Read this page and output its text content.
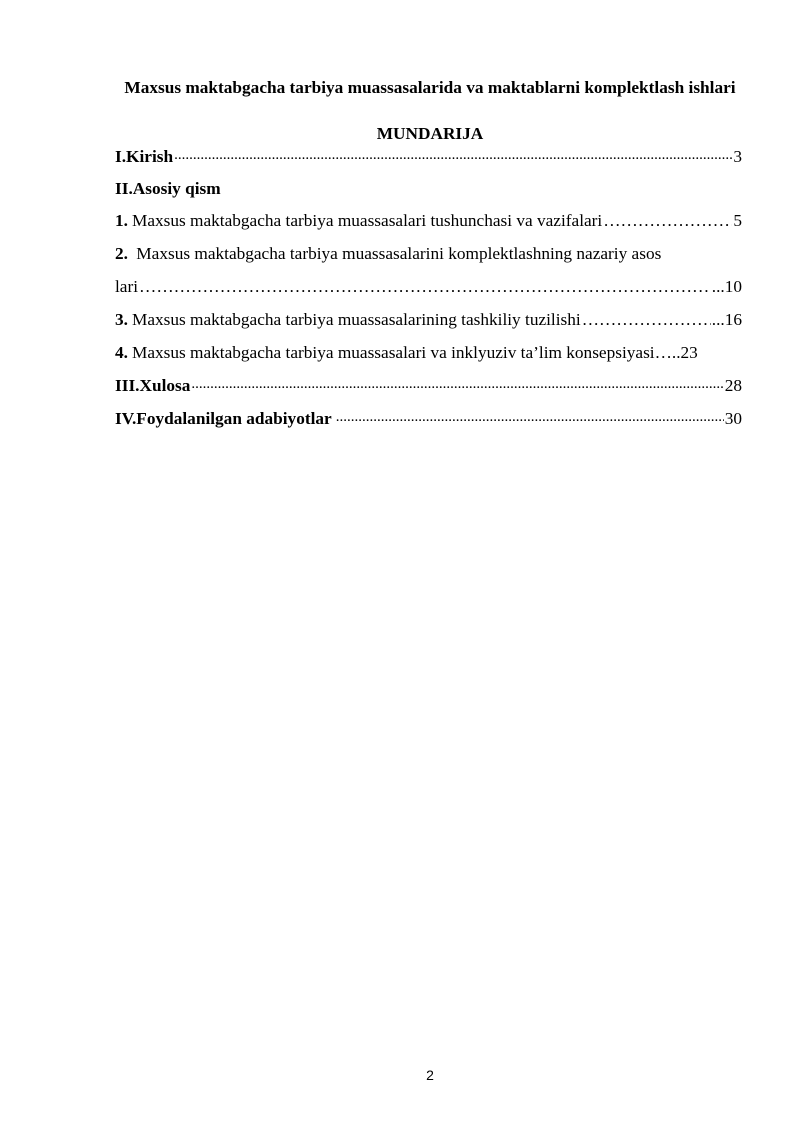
Maxsus maktabgacha tarbiya muassasalarida va maktablarni komplektlash ishlari
MUNDARIJA
I.Kirish .....	3
II.Asosiy qism
1. Maxsus maktabgacha tarbiya muassasalari tushunchasi va vazifalari ……………………………………………………………………………………………………………………………	5
2. Maxsus maktabgacha tarbiya muassasalarini komplektlashning nazariy asos
lari ……………………………………………………………………………………………………………………………	...10
3. Maxsus maktabgacha tarbiya muassasalarining tashkiliy tuzilishi ……………………………………………………………………………………………………………………………	...16
4. Maxsus maktabgacha tarbiya muassasalari va inklyuziv ta’lim konsepsiyasi …..23
III.Xulosa .....	28
IV.Foydalanilgan adabiyotlar .....	30
2
